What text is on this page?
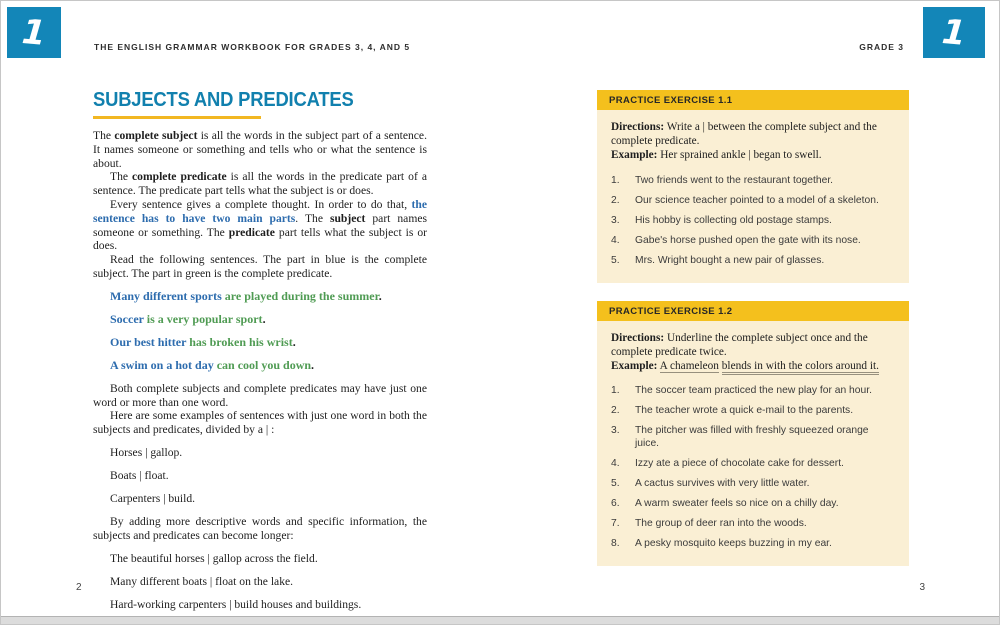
1	1
THE ENGLISH GRAMMAR WORKBOOK FOR GRADES 3, 4, AND 5	GRADE 3
SUBJECTS AND PREDICATES

The complete subject is all the words in the subject part of a sentence. It names someone or something and tells who or what the sentence is about.

The complete predicate is all the words in the predicate part of a sentence. The predicate part tells what the subject is or does.

Every sentence gives a complete thought. In order to do that, the sentence has to have two main parts. The subject part names someone or something. The predicate part tells what the subject is or does.

Read the following sentences. The part in blue is the complete subject. The part in green is the complete predicate.

Many different sports are played during the summer.

Soccer is a very popular sport.

Our best hitter has broken his wrist.

A swim on a hot day can cool you down.

Both complete subjects and complete predicates may have just one word or more than one word.

Here are some examples of sentences with just one word in both the subjects and predicates, divided by a | :

Horses | gallop.

Boats | float.

Carpenters | build.

By adding more descriptive words and specific information, the subjects and predicates can become longer:

The beautiful horses | gallop across the field.

Many different boats | float on the lake.

Hard-working carpenters | build houses and buildings.

PRACTICE EXERCISE 1.1

Directions: Write a | between the complete subject and the complete predicate.

Example: Her sprained ankle | began to swell.

1.	Two friends went to the restaurant together.
2.	Our science teacher pointed to a model of a skeleton.
3.	His hobby is collecting old postage stamps.
4.	Gabe's horse pushed open the gate with its nose.
5.	Mrs. Wright bought a new pair of glasses.
PRACTICE EXERCISE 1.2

Directions: Underline the complete subject once and the complete predicate twice.

Example: A chameleon blends in with the colors around it.

1.	The soccer team practiced the new play for an hour.
2.	The teacher wrote a quick e-mail to the parents.
3.	The pitcher was filled with freshly squeezed orange juice.
4.	Izzy ate a piece of chocolate cake for dessert.
5.	A cactus survives with very little water.
6.	A warm sweater feels so nice on a chilly day.
7.	The group of deer ran into the woods.
8.	A pesky mosquito keeps buzzing in my ear.
2	3
